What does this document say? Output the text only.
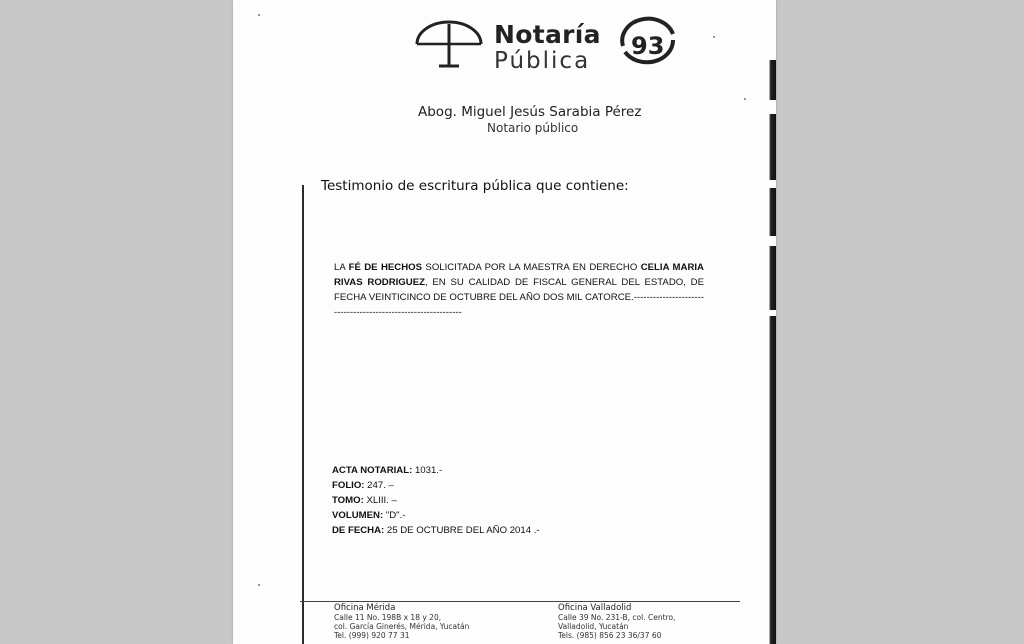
Notaría
Pública
93
Abog. Miguel Jesús Sarabia Pérez
Notario público
Testimonio de escritura pública que contiene:
LA FÉ DE HECHOS SOLICITADA POR LA MAESTRA EN DERECHO CELIA MARIA RIVAS RODRIGUEZ, EN SU CALIDAD DE FISCAL GENERAL DEL ESTADO, DE FECHA VEINTICINCO DE OCTUBRE DEL AÑO DOS MIL CATORCE.--------------------------------------------------------------
ACTA NOTARIAL: 1031.-
FOLIO: 247. –
TOMO: XLIII. –
VOLUMEN: "D".-
DE FECHA: 25 DE OCTUBRE DEL AÑO 2014 .-
Oficina Mérida
Calle 11 No. 198B x 18 y 20,
col. García Ginerés, Mérida, Yucatán
Tel. (999) 920 77 31
Oficina Valladolid
Calle 39 No. 231-B, col. Centro,
Valladolid, Yucatán
Tels. (985) 856 23 36/37 60
